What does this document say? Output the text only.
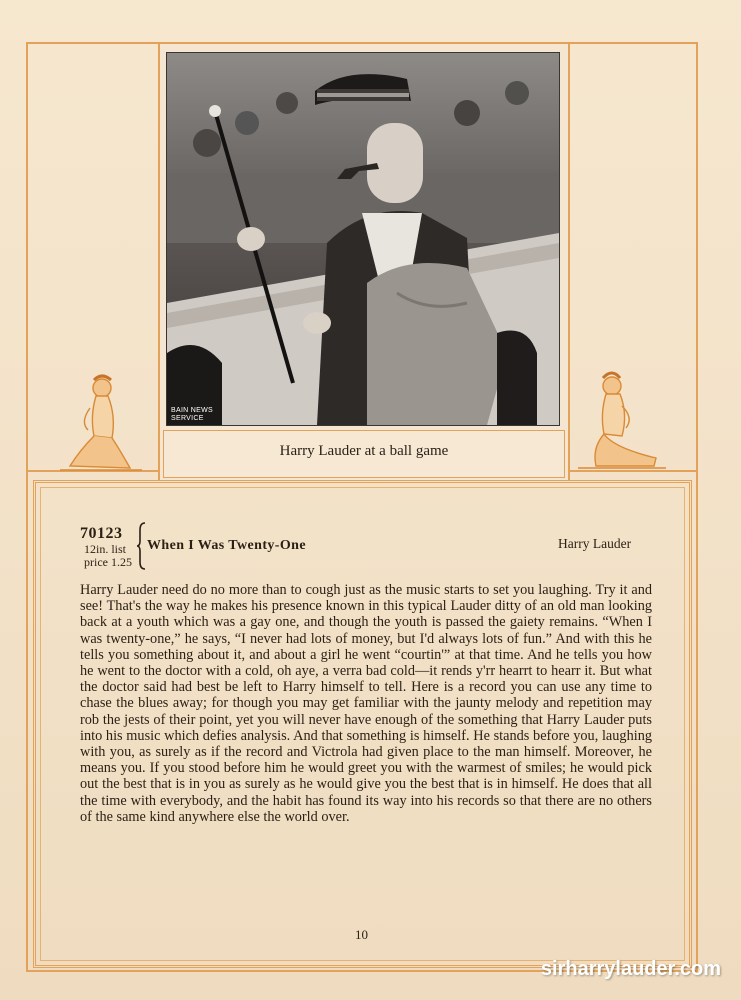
BAIN NEWS
SERVICE
Harry Lauder at a ball game
70123
12in. list
price 1.25
When I Was Twenty-One	Harry Lauder

Harry Lauder need do no more than to cough just as the music starts to set you laughing. Try it and see! That's the way he makes his presence known in this typical Lauder ditty of an old man looking back at a youth which was a gay one, and though the youth is passed the gaiety remains. “When I was twenty-one,” he says, “I never had lots of money, but I'd always lots of fun.” And with this he tells you something about it, and about a girl he went “courtin'” at that time. And he tells you how he went to the doctor with a cold, oh aye, a verra bad cold—it rends y'rr hearrt to hearr it. But what the doctor said had best be left to Harry himself to tell. Here is a record you can use any time to chase the blues away; for though you may get familiar with the jaunty melody and repetition may rob the jests of their point, yet you will never have enough of the something that Harry Lauder puts into his music which defies analysis. And that something is himself. He stands before you, laughing with you, as surely as if the record and Victrola had given place to the man himself. Moreover, he means you. If you stood before him he would greet you with the warmest of smiles; he would pick out the best that is in you as surely as he would give you the best that is in himself. He does that all the time with everybody, and the habit has found its way into his records so that there are no others of the same kind anywhere else the world over.

10
sirharrylauder.com
